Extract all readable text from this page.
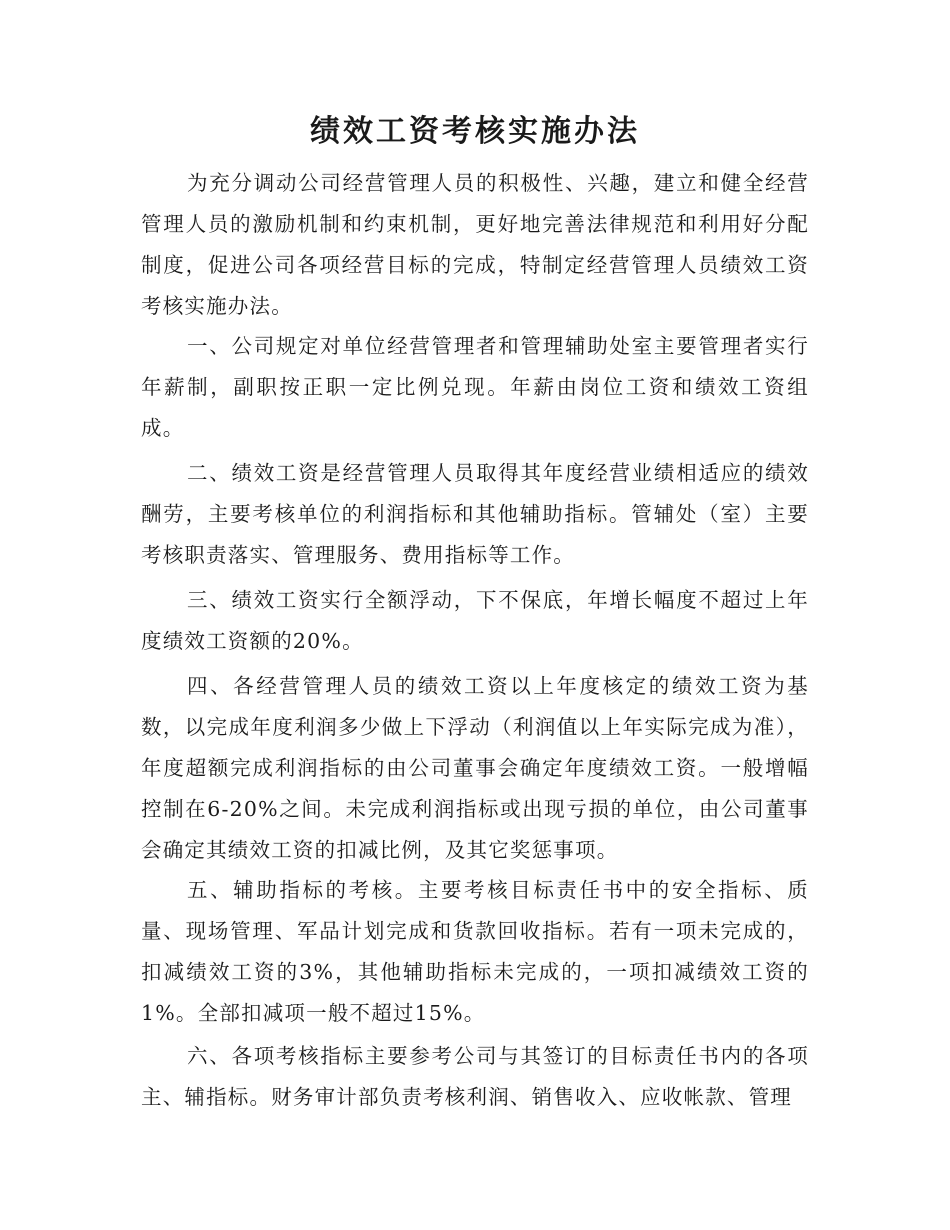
绩效工资考核实施办法

为充分调动公司经营管理人员的积极性、兴趣，建立和健全经营管理人员的激励机制和约束机制，更好地完善法律规范和利用好分配制度，促进公司各项经营目标的完成，特制定经营管理人员绩效工资考核实施办法。

一、公司规定对单位经营管理者和管理辅助处室主要管理者实行年薪制，副职按正职一定比例兑现。年薪由岗位工资和绩效工资组成。

二、绩效工资是经营管理人员取得其年度经营业绩相适应的绩效酬劳，主要考核单位的利润指标和其他辅助指标。管辅处（室）主要考核职责落实、管理服务、费用指标等工作。

三、绩效工资实行全额浮动，下不保底，年增长幅度不超过上年度绩效工资额的20%。

四、各经营管理人员的绩效工资以上年度核定的绩效工资为基数，以完成年度利润多少做上下浮动（利润值以上年实际完成为准），年度超额完成利润指标的由公司董事会确定年度绩效工资。一般增幅控制在6-20%之间。未完成利润指标或出现亏损的单位，由公司董事会确定其绩效工资的扣减比例，及其它奖惩事项。

五、辅助指标的考核。主要考核目标责任书中的安全指标、质量、现场管理、军品计划完成和货款回收指标。若有一项未完成的，扣减绩效工资的3%，其他辅助指标未完成的，一项扣减绩效工资的1%。全部扣减项一般不超过15%。

六、各项考核指标主要参考公司与其签订的目标责任书内的各项主、辅指标。财务审计部负责考核利润、销售收入、应收帐款、管理
